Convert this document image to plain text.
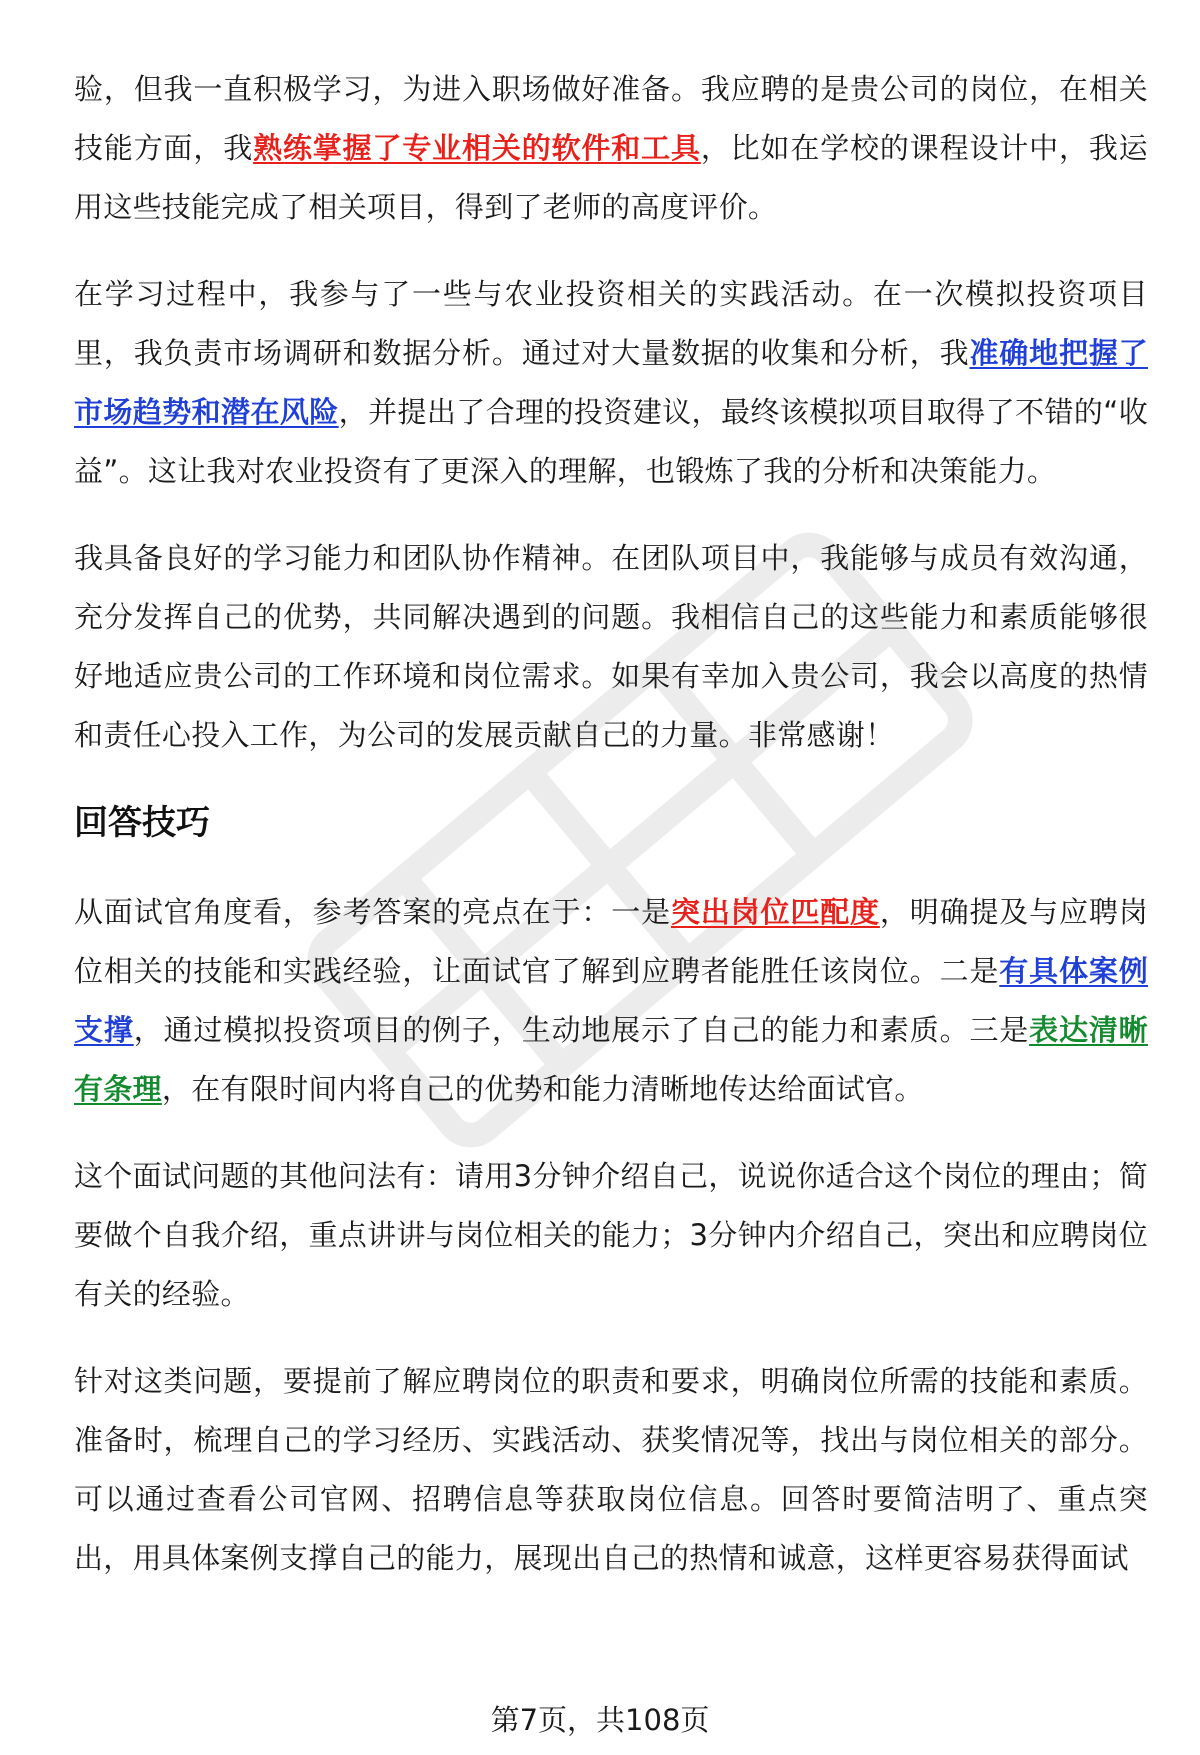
验，但我一直积极学习，为进入职场做好准备。我应聘的是贵公司的岗位，在相关技能方面，我熟练掌握了专业相关的软件和工具，比如在学校的课程设计中，我运用这些技能完成了相关项目，得到了老师的高度评价。

在学习过程中，我参与了一些与农业投资相关的实践活动。在一次模拟投资项目里，我负责市场调研和数据分析。通过对大量数据的收集和分析，我准确地把握了市场趋势和潜在风险，并提出了合理的投资建议，最终该模拟项目取得了不错的“收益”。这让我对农业投资有了更深入的理解，也锻炼了我的分析和决策能力。

我具备良好的学习能力和团队协作精神。在团队项目中，我能够与成员有效沟通，充分发挥自己的优势，共同解决遇到的问题。我相信自己的这些能力和素质能够很好地适应贵公司的工作环境和岗位需求。如果有幸加入贵公司，我会以高度的热情和责任心投入工作，为公司的发展贡献自己的力量。非常感谢！

回答技巧

从面试官角度看，参考答案的亮点在于：一是突出岗位匹配度，明确提及与应聘岗位相关的技能和实践经验，让面试官了解到应聘者能胜任该岗位。二是有具体案例支撑，通过模拟投资项目的例子，生动地展示了自己的能力和素质。三是表达清晰有条理，在有限时间内将自己的优势和能力清晰地传达给面试官。

这个面试问题的其他问法有：请用3分钟介绍自己，说说你适合这个岗位的理由；简要做个自我介绍，重点讲讲与岗位相关的能力；3分钟内介绍自己，突出和应聘岗位有关的经验。

针对这类问题，要提前了解应聘岗位的职责和要求，明确岗位所需的技能和素质。准备时，梳理自己的学习经历、实践活动、获奖情况等，找出与岗位相关的部分。可以通过查看公司官网、招聘信息等获取岗位信息。回答时要简洁明了、重点突出，用具体案例支撑自己的能力，展现出自己的热情和诚意，这样更容易获得面试

第7页，共108页
